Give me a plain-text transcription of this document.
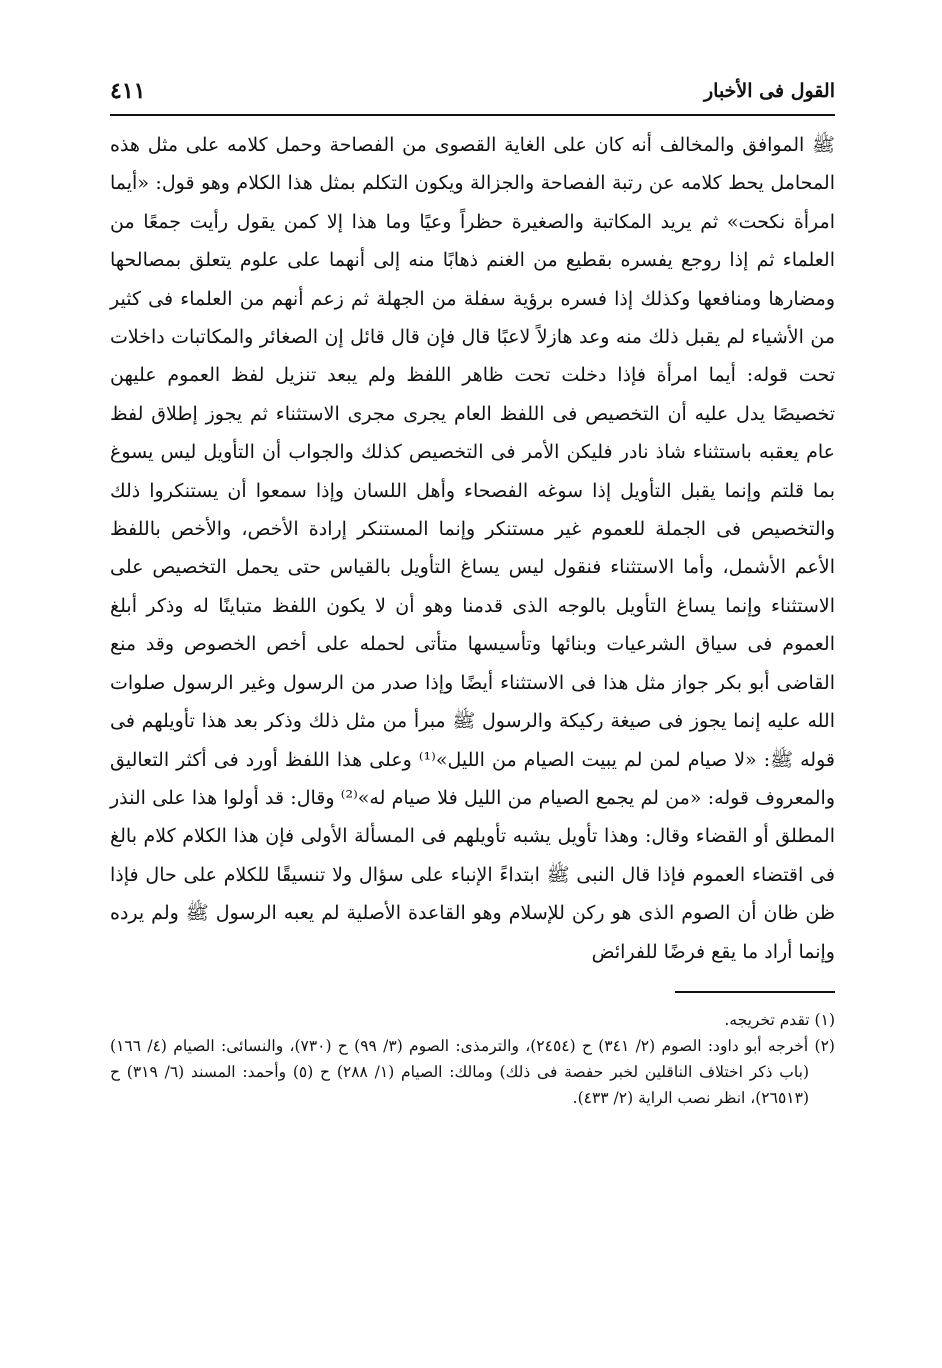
القول فى الأخبار
٤١١
ﷺ الموافق والمخالف أنه كان على الغاية القصوى من الفصاحة وحمل كلامه على مثل هذه المحامل يحط كلامه عن رتبة الفصاحة والجزالة ويكون التكلم بمثل هذا الكلام وهو قول: «أيما امرأة نكحت» ثم يريد المكاتبة والصغيرة حظراً وعيًا وما هذا إلا كمن يقول رأيت جمعًا من العلماء ثم إذا روجع يفسره بقطيع من الغنم ذهابًا منه إلى أنهما على علوم يتعلق بمصالحها ومضارها ومنافعها وكذلك إذا فسره برؤية سفلة من الجهلة ثم زعم أنهم من العلماء فى كثير من الأشياء لم يقبل ذلك منه وعد هازلاً لاعبًا قال فإن قال قائل إن الصغائر والمكاتبات داخلات تحت قوله: أيما امرأة فإذا دخلت تحت ظاهر اللفظ ولم يبعد تنزيل لفظ العموم عليهن تخصيصًا يدل عليه أن التخصيص فى اللفظ العام يجرى مجرى الاستثناء ثم يجوز إطلاق لفظ عام يعقبه باستثناء شاذ نادر فليكن الأمر فى التخصيص كذلك والجواب أن التأويل ليس يسوغ بما قلتم وإنما يقبل التأويل إذا سوغه الفصحاء وأهل اللسان وإذا سمعوا أن يستنكروا ذلك والتخصيص فى الجملة للعموم غير مستنكر وإنما المستنكر إرادة الأخص، والأخص باللفظ الأعم الأشمل، وأما الاستثناء فنقول ليس يساغ التأويل بالقياس حتى يحمل التخصيص على الاستثناء وإنما يساغ التأويل بالوجه الذى قدمنا وهو أن لا يكون اللفظ متباينًا له وذكر أبلغ العموم فى سياق الشرعيات وبنائها وتأسيسها متأتى لحمله على أخص الخصوص وقد منع القاضى أبو بكر جواز مثل هذا فى الاستثناء أيضًا وإذا صدر من الرسول وغير الرسول صلوات الله عليه إنما يجوز فى صيغة ركيكة والرسول ﷺ مبرأ من مثل ذلك وذكر بعد هذا تأويلهم فى قوله ﷺ: «لا صيام لمن لم يبيت الصيام من الليل»⁽¹⁾ وعلى هذا اللفظ أورد فى أكثر التعاليق والمعروف قوله: «من لم يجمع الصيام من الليل فلا صيام له»⁽²⁾ وقال: قد أولوا هذا على النذر المطلق أو القضاء وقال: وهذا تأويل يشبه تأويلهم فى المسألة الأولى فإن هذا الكلام كلام بالغ فى اقتضاء العموم فإذا قال النبى ﷺ ابتداءً الإنباء على سؤال ولا تنسيقًا للكلام على حال فإذا ظن ظان أن الصوم الذى هو ركن للإسلام وهو القاعدة الأصلية لم يعبه الرسول ﷺ ولم يرده وإنما أراد ما يقع فرضًا للفرائض
(١) تقدم تخريجه.
(٢) أخرجه أبو داود: الصوم (٢/ ٣٤١) ح (٢٤٥٤)، والترمذى: الصوم (٣/ ٩٩) ح (٧٣٠)، والنسائى: الصيام (٤/ ١٦٦) (باب ذكر اختلاف الناقلين لخبر حفصة فى ذلك) ومالك: الصيام (١/ ٢٨٨) ح (٥) وأحمد: المسند (٦/ ٣١٩) ح (٢٦٥١٣)، انظر نصب الراية (٢/ ٤٣٣).
